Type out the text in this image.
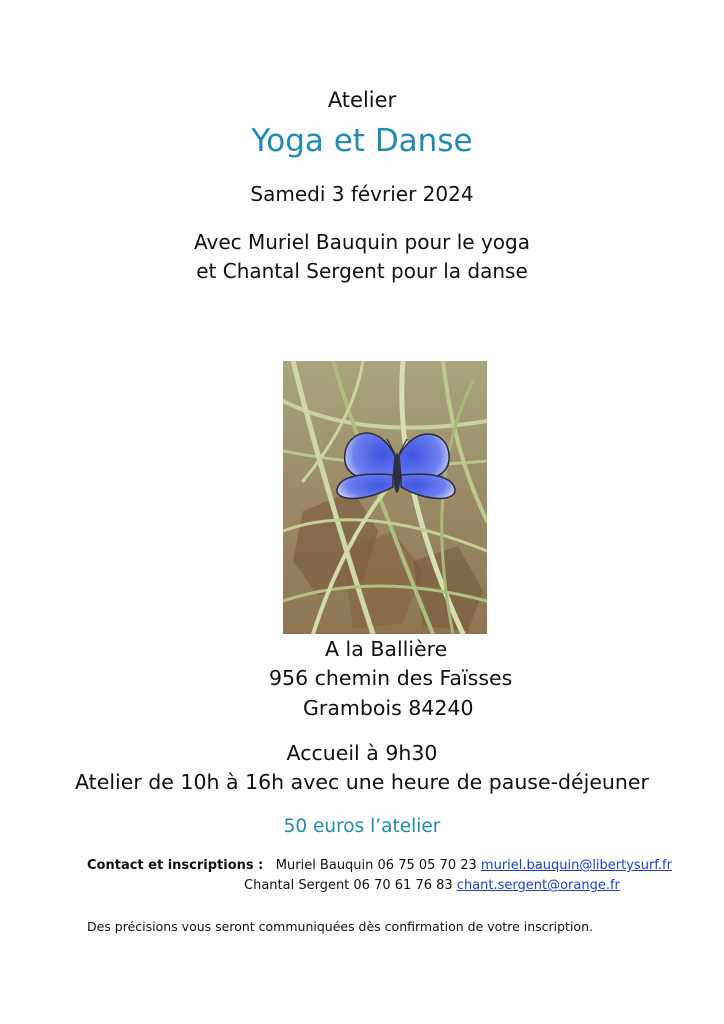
Atelier
Yoga et Danse
Samedi 3 février 2024
Avec Muriel Bauquin pour le yoga
et Chantal Sergent pour la danse
A la Ballière
956 chemin des Faïsses
Grambois 84240
Accueil à 9h30
Atelier de 10h à 16h avec une heure de pause-déjeuner
50 euros l’atelier
Contact et inscriptions : Muriel Bauquin 06 75 05 70 23 muriel.bauquin@libertysurf.fr
Chantal Sergent 06 70 61 76 83 chant.sergent@orange.fr
Des précisions vous seront communiquées dès confirmation de votre inscription.
